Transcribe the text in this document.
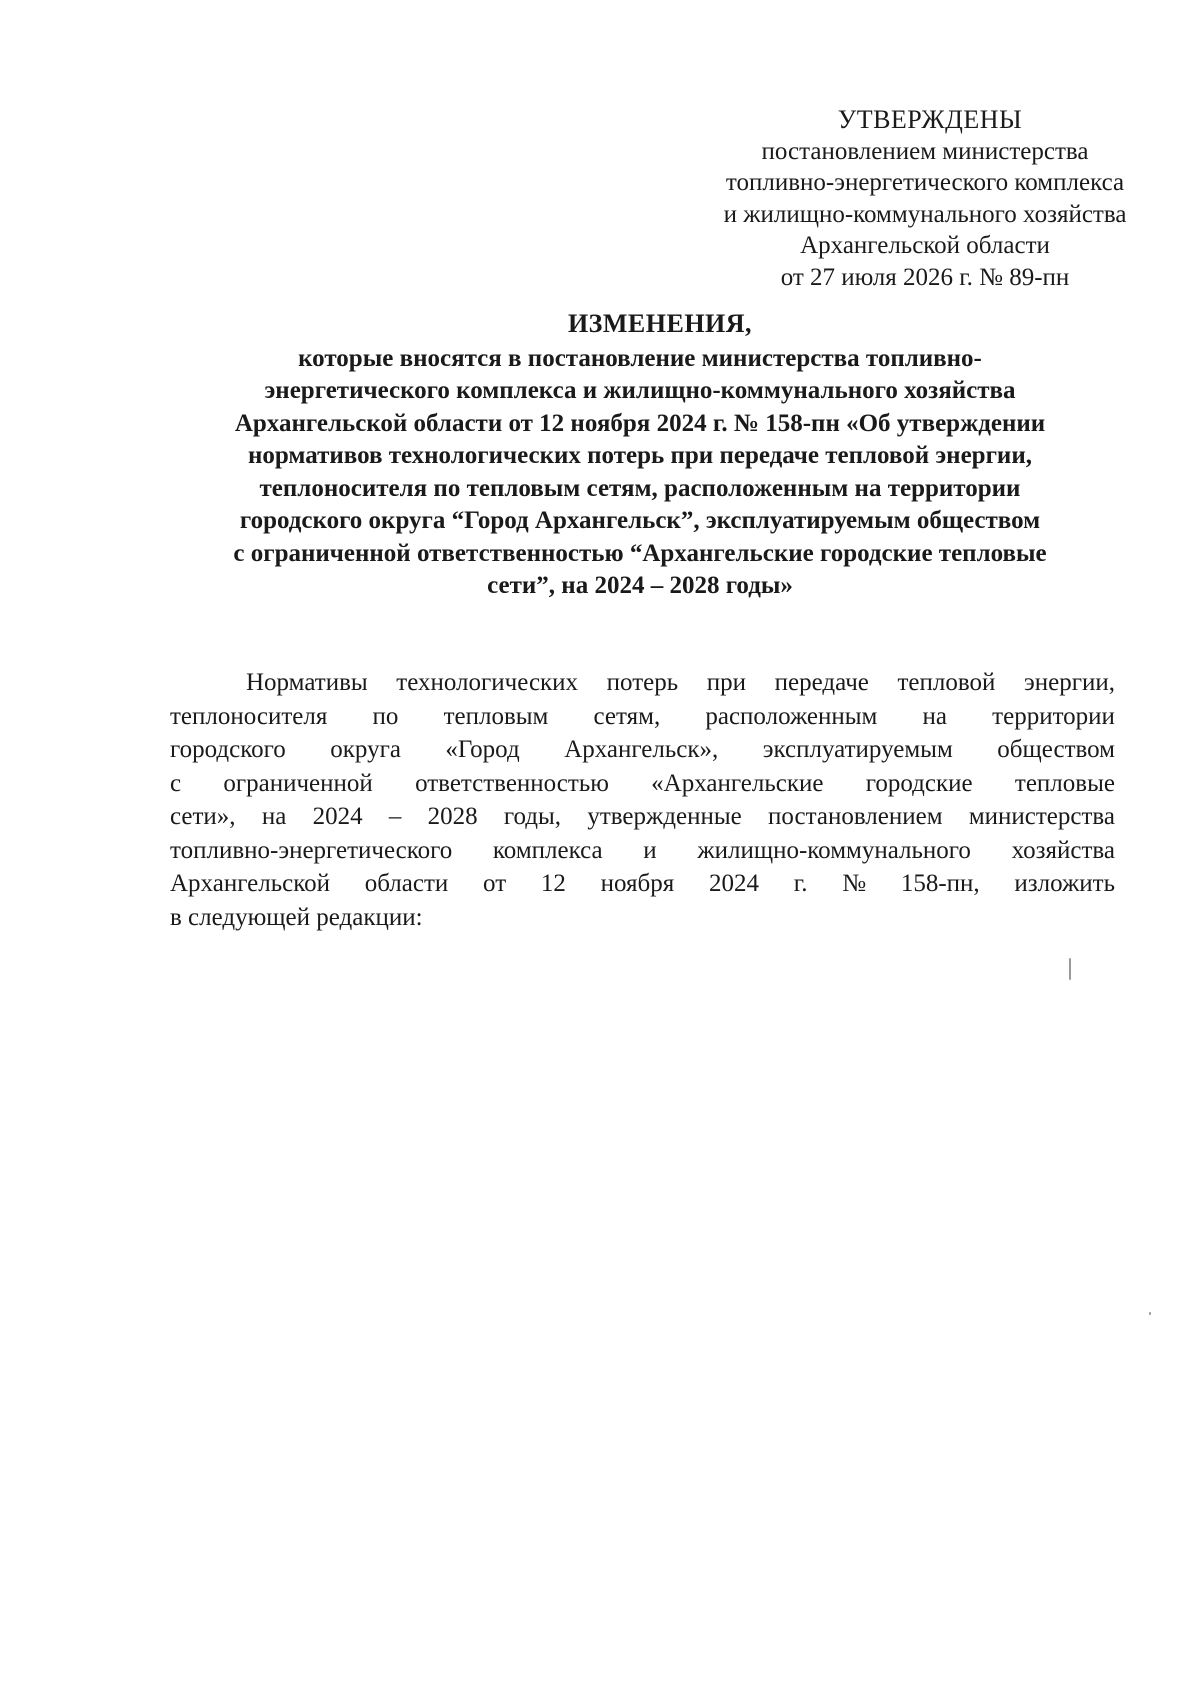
УТВЕРЖДЕНЫ
постановлением министерства
топливно-энергетического комплекса
и жилищно-коммунального хозяйства
Архангельской области
от 27 июля 2026 г. № 89-пн
ИЗМЕНЕНИЯ,
которые вносятся в постановление министерства топливно-
энергетического комплекса и жилищно-коммунального хозяйства
Архангельской области от 12 ноября 2024 г. № 158-пн «Об утверждении
нормативов технологических потерь при передаче тепловой энергии,
теплоносителя по тепловым сетям, расположенным на территории
городского округа “Город Архангельск”, эксплуатируемым обществом
с ограниченной ответственностью “Архангельские городские тепловые
сети”, на 2024 – 2028 годы»
Нормативы технологических потерь при передаче тепловой энергии,
теплоносителя по тепловым сетям, расположенным на территории
городского округа «Город Архангельск», эксплуатируемым обществом
с ограниченной ответственностью «Архангельские городские тепловые
сети», на 2024 – 2028 годы, утвержденные постановлением министерства
топливно-энергетического комплекса и жилищно-коммунального хозяйства
Архангельской области от 12 ноября 2024 г. № 158-пн, изложить
в следующей редакции:
